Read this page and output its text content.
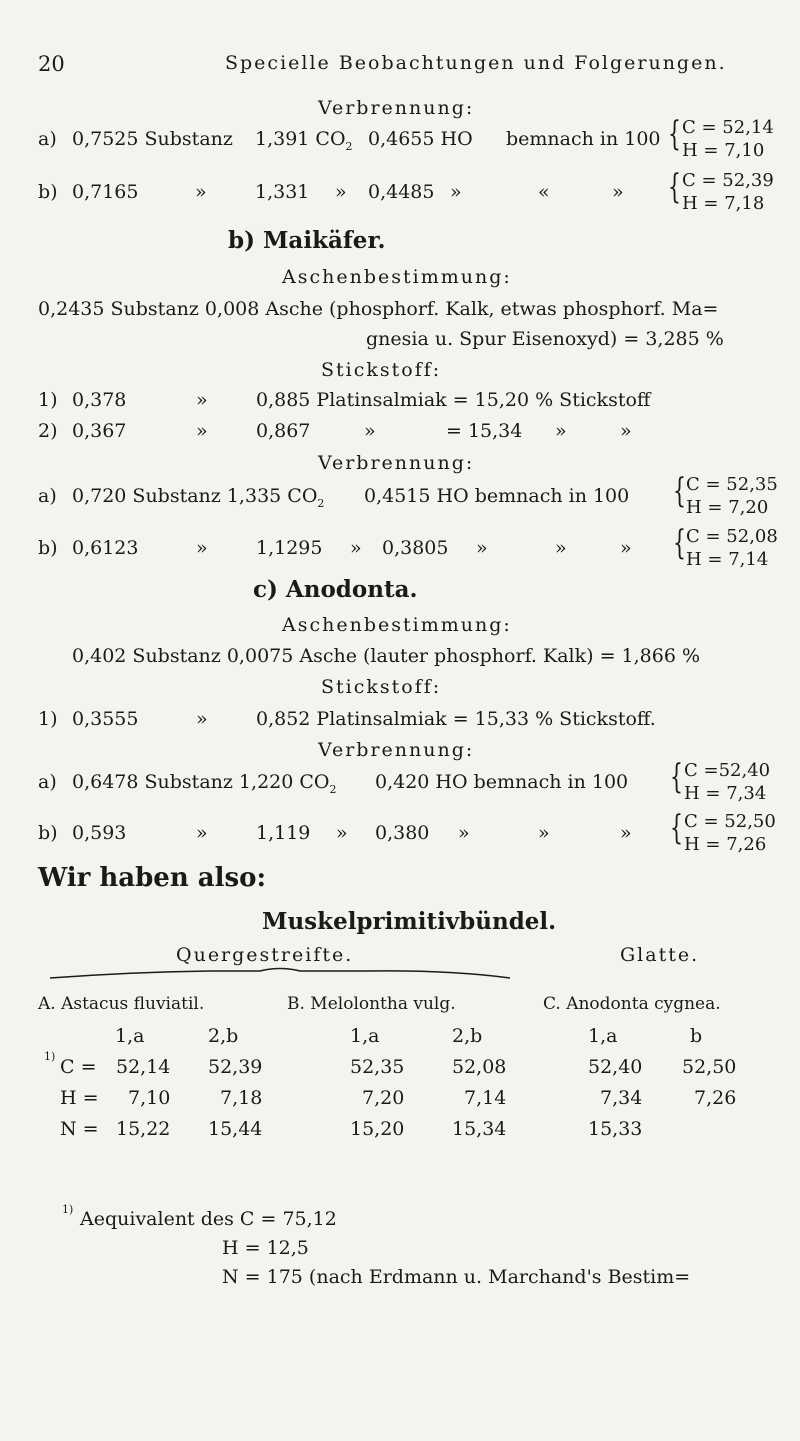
20	Specielle Beobachtungen und Folgerungen.
Verbrennung:
a) 0,7525 Substanz 1,391 $CO_2$ 0,4655 HO bemnach in 100 { C = 52,14
H = 7,10
b) 0,7165	»	1,331 » 0,4485 »	«	» { C = 52,39
H = 7,18
b) Maikäfer.
Aschenbestimmung:
0,2435 Substanz 0,008 Asche (phosphorf. Kalk, etwas phosphorf. Ma=
gnesia u. Spur Eisenoxyd) = 3,285 %
Stickstoff:
1) 0,378	»	0,885 Platinsalmiak = 15,20 % Stickstoff
2) 0,367	»	0,867	»	= 15,34 »	»
Verbrennung:
a) 0,720 Substanz 1,335 $CO_2$ 0,4515 HO bemnach in 100 { C = 52,35
H = 7,20
b) 0,6123	»	1,1295 » 0,3805 »	»	» { C = 52,08
H = 7,14
c) Anodonta.
Aschenbestimmung:
0,402 Substanz 0,0075 Asche (lauter phosphorf. Kalk) = 1,866 %
Stickstoff:
1) 0,3555	»	0,852 Platinsalmiak = 15,33 % Stickstoff.
Verbrennung:
a) 0,6478 Substanz 1,220 $CO_2$ 0,420 HO bemnach in 100 { C =52,40
H = 7,34
b) 0,593	»	1,119 » 0,380 »	»	» { C = 52,50
H = 7,26
Wir haben also:
Muskelprimitivbündel.
Quergestreifte.	Glatte.
A. Astacus fluviatil.	B. Melolontha vulg.	C. Anodonta cygnea.
1,a	2,b	1,a	2,b	1,a	b
1) C = 52,14 52,39	52,35	52,08	52,40 52,50
H = 7,10	7,18	7,20	7,14	7,34	7,26
N = 15,22 15,44	15,20	15,34	15,33
1) Aequivalent des C = 75,12
H = 12,5
N = 175 (nach Erdmann u. Marchand's Bestim=
